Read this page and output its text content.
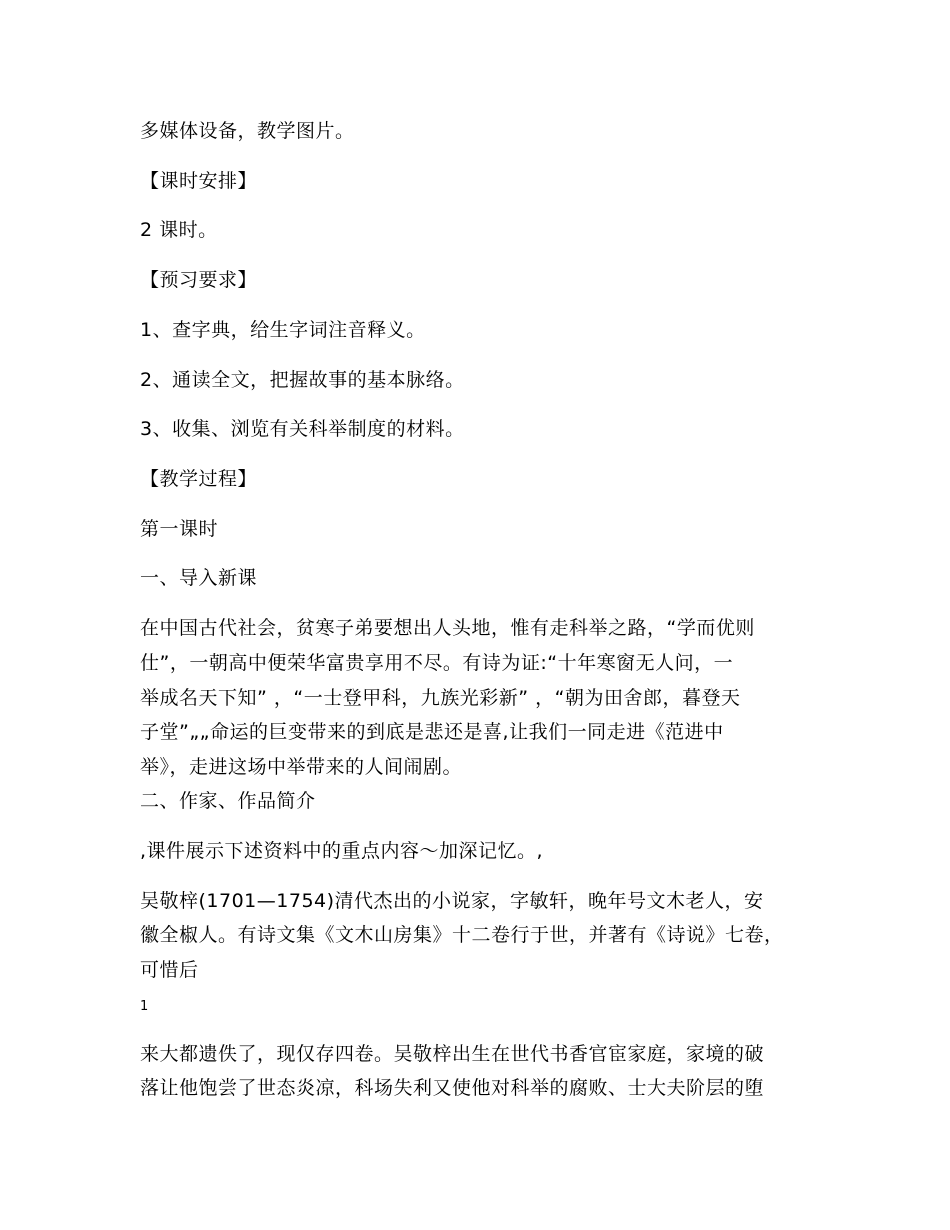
多媒体设备，教学图片。
【课时安排】
2 课时。
【预习要求】
1、查字典，给生字词注音释义。
2、通读全文，把握故事的基本脉络。
3、收集、浏览有关科举制度的材料。
【教学过程】
第一课时
一、导入新课
在中国古代社会，贫寒子弟要想出人头地，惟有走科举之路，“学而优则
仕”，一朝高中便荣华富贵享用不尽。有诗为证:“十年寒窗无人问，一
举成名天下知” ，“一士登甲科，九族光彩新” ，“朝为田舍郎，暮登天
子堂”„„命运的巨变带来的到底是悲还是喜,让我们一同走进《范进中
举》，走进这场中举带来的人间闹剧。
二、作家、作品简介
,课件展示下述资料中的重点内容～加深记忆。,
吴敬梓(1701—1754)清代杰出的小说家，字敏轩，晚年号文木老人，安
徽全椒人。有诗文集《文木山房集》十二卷行于世，并著有《诗说》七卷，
可惜后
1
来大都遗佚了，现仅存四卷。吴敬梓出生在世代书香官宦家庭，家境的破
落让他饱尝了世态炎凉，科场失利又使他对科举的腐败、士大夫阶层的堕
